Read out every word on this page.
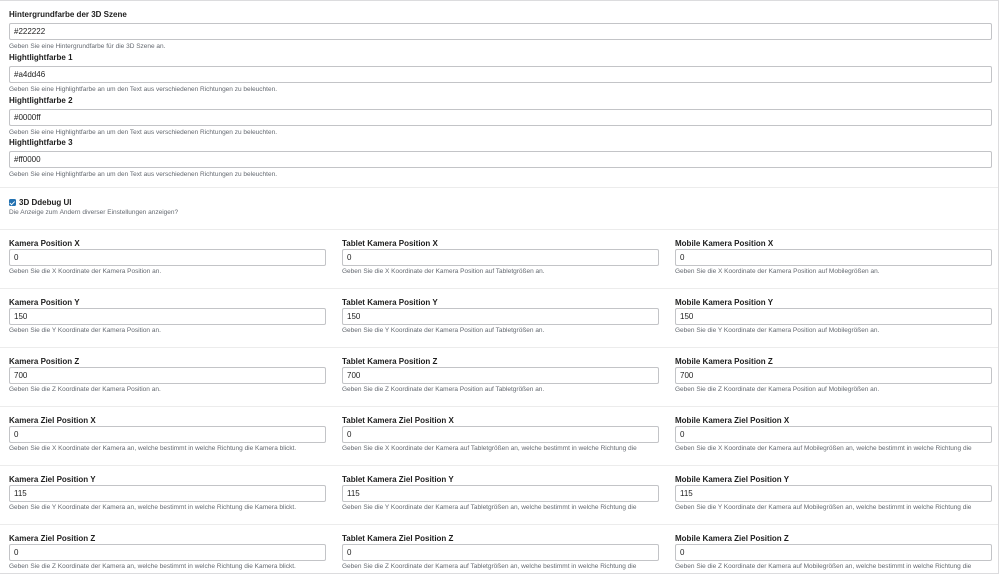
Hintergrundfarbe der 3D Szene
#222222
Geben Sie eine Hintergrundfarbe für die 3D Szene an.
Hightlightfarbe 1
#a4dd46
Geben Sie eine Highlightfarbe an um den Text aus verschiedenen Richtungen zu beleuchten.
Hightlightfarbe 2
#0000ff
Geben Sie eine Highlightfarbe an um den Text aus verschiedenen Richtungen zu beleuchten.
Hightlightfarbe 3
#ff0000
Geben Sie eine Highlightfarbe an um den Text aus verschiedenen Richtungen zu beleuchten.
3D Ddebug UI
Die Anzeige zum Ändern diverser Einstellungen anzeigen?
Kamera Position X
0
Geben Sie die X Koordinate der Kamera Position an.
Tablet Kamera Position X
0
Geben Sie die X Koordinate der Kamera Position auf Tabletgrößen an.
Mobile Kamera Position X
0
Geben Sie die X Koordinate der Kamera Position auf Mobilegrößen an.
Kamera Position Y
150
Geben Sie die Y Koordinate der Kamera Position an.
Tablet Kamera Position Y
150
Geben Sie die Y Koordinate der Kamera Position auf Tabletgrößen an.
Mobile Kamera Position Y
150
Geben Sie die Y Koordinate der Kamera Position auf Mobilegrößen an.
Kamera Position Z
700
Geben Sie die Z Koordinate der Kamera Position an.
Tablet Kamera Position Z
700
Geben Sie die Z Koordinate der Kamera Position auf Tabletgrößen an.
Mobile Kamera Position Z
700
Geben Sie die Z Koordinate der Kamera Position auf Mobilegrößen an.
Kamera Ziel Position X
0
Geben Sie die X Koordinate der Kamera an, welche bestimmt in welche Richtung die Kamera blickt.
Tablet Kamera Ziel Position X
0
Geben Sie die X Koordinate der Kamera auf Tabletgrößen an, welche bestimmt in welche Richtung die
Mobile Kamera Ziel Position X
0
Geben Sie die X Koordinate der Kamera auf Mobilegrößen an, welche bestimmt in welche Richtung die
Kamera Ziel Position Y
115
Geben Sie die Y Koordinate der Kamera an, welche bestimmt in welche Richtung die Kamera blickt.
Tablet Kamera Ziel Position Y
115
Geben Sie die Y Koordinate der Kamera auf Tabletgrößen an, welche bestimmt in welche Richtung die
Mobile Kamera Ziel Position Y
115
Geben Sie die Y Koordinate der Kamera auf Mobilegrößen an, welche bestimmt in welche Richtung die
Kamera Ziel Position Z
0
Geben Sie die Z Koordinate der Kamera an, welche bestimmt in welche Richtung die Kamera blickt.
Tablet Kamera Ziel Position Z
0
Geben Sie die Z Koordinate der Kamera auf Tabletgrößen an, welche bestimmt in welche Richtung die
Mobile Kamera Ziel Position Z
0
Geben Sie die Z Koordinate der Kamera auf Mobilegrößen an, welche bestimmt in welche Richtung die
